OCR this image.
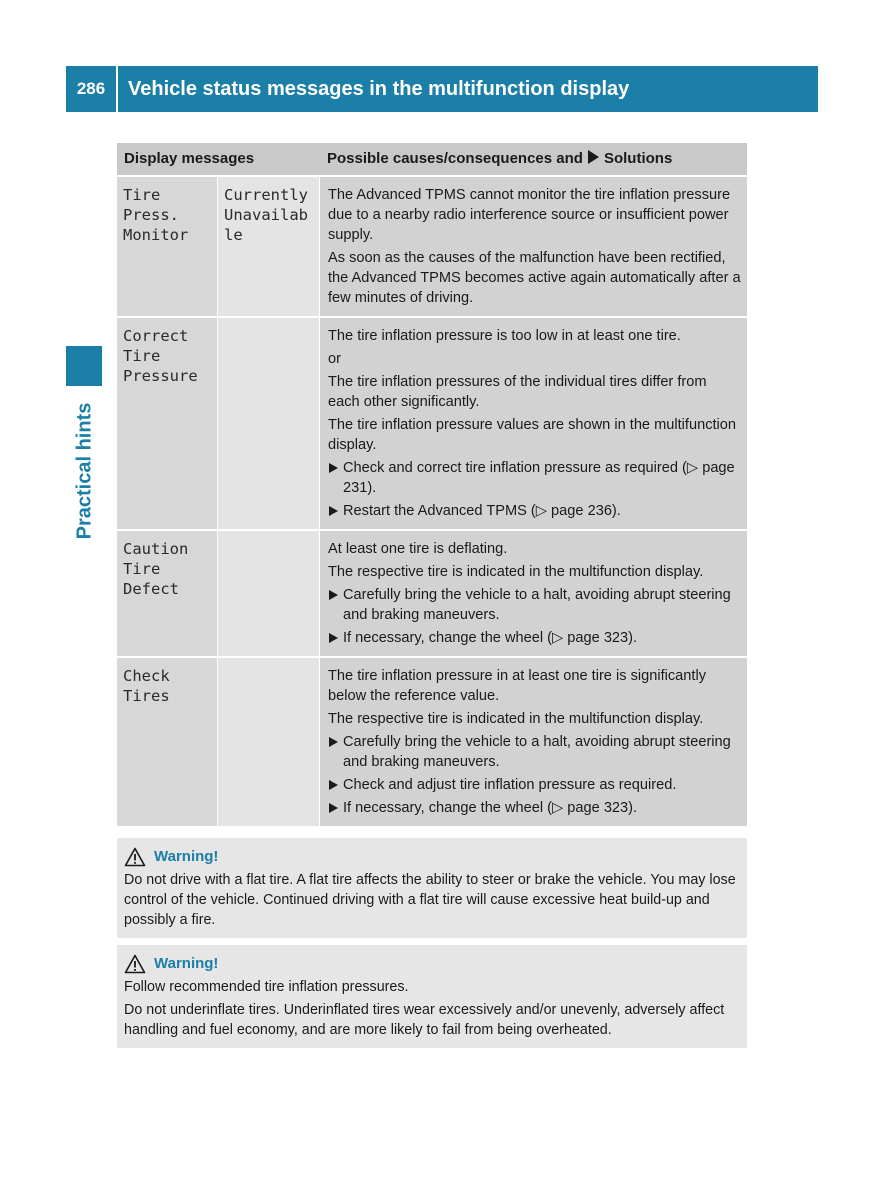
286	Vehicle status messages in the multifunction display
Practical hints
Display messages	Possible causes/consequences and Solutions
Tire Press. Monitor
Currently Unavailable

The Advanced TPMS cannot monitor the tire inflation pressure due to a nearby radio interference source or insufficient power supply.

As soon as the causes of the malfunction have been rectified, the Advanced TPMS becomes active again automatically after a few minutes of driving.

Correct Tire Pressure

The tire inflation pressure is too low in at least one tire.

or

The tire inflation pressures of the individual tires differ from each other significantly.

The tire inflation pressure values are shown in the multifunction display.

Check and correct tire inflation pressure as required (▷ page 231).

Restart the Advanced TPMS (▷ page 236).

Caution Tire Defect

At least one tire is deflating.

The respective tire is indicated in the multifunction display.

Carefully bring the vehicle to a halt, avoiding abrupt steering and braking maneuvers.

If necessary, change the wheel (▷ page 323).

Check Tires

The tire inflation pressure in at least one tire is significantly below the reference value.

The respective tire is indicated in the multifunction display.

Carefully bring the vehicle to a halt, avoiding abrupt steering and braking maneuvers.

Check and adjust tire inflation pressure as required.

If necessary, change the wheel (▷ page 323).

Warning!

Do not drive with a flat tire. A flat tire affects the ability to steer or brake the vehicle. You may lose control of the vehicle. Continued driving with a flat tire will cause excessive heat build-up and possibly a fire.

Warning!

Follow recommended tire inflation pressures.

Do not underinflate tires. Underinflated tires wear excessively and/or unevenly, adversely affect handling and fuel economy, and are more likely to fail from being overheated.
